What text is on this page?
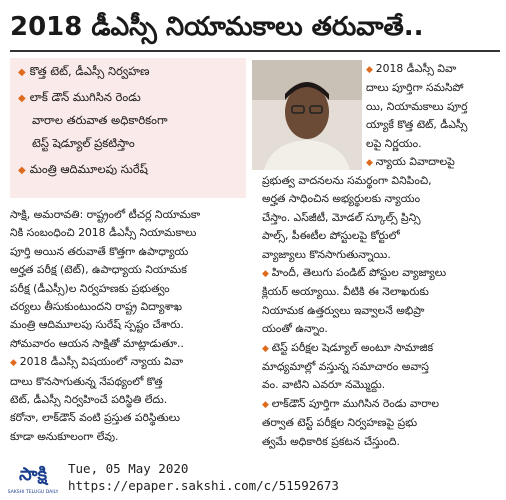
2018 డీఎస్సీ నియామకాలు తరువాతే..
◆ కొత్త టెట్, డీఎస్సీ నిర్వహణ
◆ లాక్ డౌన్ ముగిసిన రెండు
వారాల తరువాత అధికారికంగా
టెస్ట్ షెడ్యూల్ ప్రకటిస్తాం
◆ మంత్రి ఆదిమూలపు సురేష్

◆ 2018 డీఎస్సీ వివా

దాలు పూర్తిగా సమసిపో

యి, నియామకాలు పూర్త

య్యాకే కొత్త టెట్, డీఎస్సీ

లపై నిర్ణయం.

◆ న్యాయ వివాదాలపై

సాక్షి, అమరావతి: రాష్ట్రంలో టీచర్ల నియామకా

నికి సంబంధించి 2018 డీఎస్సీ నియామకాలు

పూర్తి అయిన తరువాతే కొత్తగా ఉపాధ్యాయ

అర్హత పరీక్ష (టెట్), ఉపాధ్యాయ నియామక

పరీక్ష (డీఎస్సీ)ల నిర్వహణకు ప్రభుత్వం

చర్యలు తీసుకుంటుందని రాష్ట్ర విద్యాశాఖ

మంత్రి ఆదిమూలపు సురేష్ స్పష్టం చేశారు.

సోమవారం ఆయన సాక్షితో మాట్లాడుతూ..

◆ 2018 డీఎస్సీ విషయంలో న్యాయ వివా

దాలు కొనసాగుతున్న నేపథ్యంలో కొత్త

టెట్, డీఎస్సీ నిర్వహించే పరిస్థితి లేదు.

కరోనా, లాక్‌డౌన్ వంటి ప్రస్తుత పరిస్థితులు

కూడా అనుకూలంగా లేవు.

ప్రభుత్వ వాదనలను సమర్థంగా వినిపించి,

అర్హత సాధించిన అభ్యర్థులకు న్యాయం

చేస్తాం. ఎస్‌జీటీ, మోడల్ స్కూల్స్ ప్రిన్సి

పాల్స్, పీఈటీల పోస్టులపై కోర్టులో

వ్యాజ్యాలు కొనసాగుతున్నాయి.

◆ హిందీ, తెలుగు పండిట్ పోస్టుల వ్యాజ్యాలు

క్లియర్ అయ్యాయి. వీటికి ఈ నెలాఖరుకు

నియామక ఉత్తర్వులు ఇవ్వాలనే అభిప్రా

యంతో ఉన్నాం.

◆ టెస్ట్ పరీక్షల షెడ్యూల్ అంటూ సామాజిక

మాధ్యమాల్లో వస్తున్న సమాచారం అవాస్త

వం. వాటిని ఎవరూ నమ్మొద్దు.

◆ లాక్‌డౌన్ పూర్తిగా ముగిసిన రెండు వారాల

తర్వాత టెస్ట్ పరీక్షల నిర్వహణపై ప్రభు

త్వమే అధికారిక ప్రకటన చేస్తుంది.

సాక్షి
SAKSHI TELUGU DAILY
Tue, 05 May 2020
https://epaper.sakshi.com/c/51592673
